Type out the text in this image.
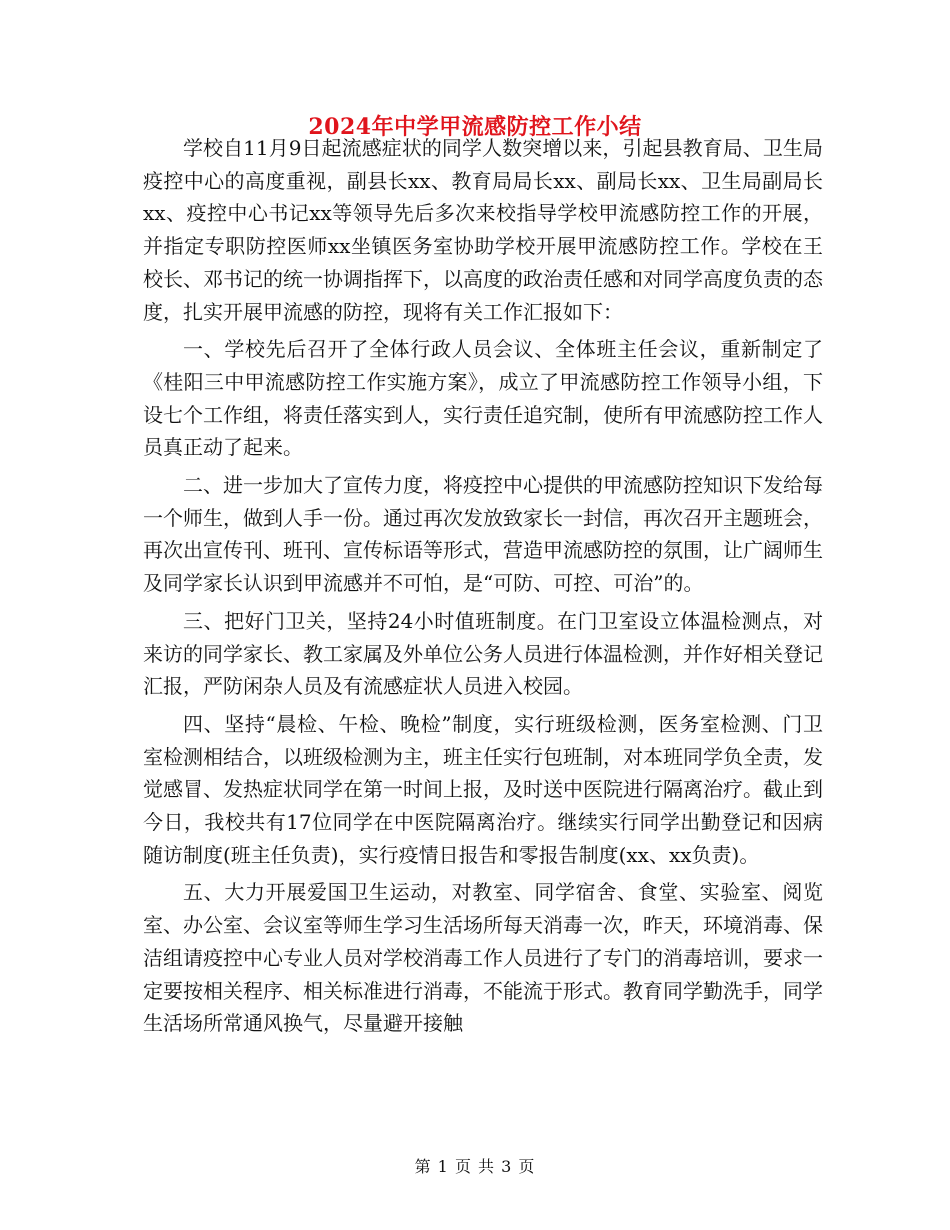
2024年中学甲流感防控工作小结

学校自11月9日起流感症状的同学人数突增以来，引起县教育局、卫生局疫控中心的高度重视，副县长xx、教育局局长xx、副局长xx、卫生局副局长xx、疫控中心书记xx等领导先后多次来校指导学校甲流感防控工作的开展，并指定专职防控医师xx坐镇医务室协助学校开展甲流感防控工作。学校在王校长、邓书记的统一协调指挥下，以高度的政治责任感和对同学高度负责的态度，扎实开展甲流感的防控，现将有关工作汇报如下：

一、学校先后召开了全体行政人员会议、全体班主任会议，重新制定了《桂阳三中甲流感防控工作实施方案》，成立了甲流感防控工作领导小组，下设七个工作组，将责任落实到人，实行责任追究制，使所有甲流感防控工作人员真正动了起来。

二、进一步加大了宣传力度，将疫控中心提供的甲流感防控知识下发给每一个师生，做到人手一份。通过再次发放致家长一封信，再次召开主题班会，再次出宣传刊、班刊、宣传标语等形式，营造甲流感防控的氛围，让广阔师生及同学家长认识到甲流感并不可怕，是“可防、可控、可治”的。

三、把好门卫关，坚持24小时值班制度。在门卫室设立体温检测点，对来访的同学家长、教工家属及外单位公务人员进行体温检测，并作好相关登记汇报，严防闲杂人员及有流感症状人员进入校园。

四、坚持“晨检、午检、晚检”制度，实行班级检测，医务室检测、门卫室检测相结合，以班级检测为主，班主任实行包班制，对本班同学负全责，发觉感冒、发热症状同学在第一时间上报，及时送中医院进行隔离治疗。截止到今日，我校共有17位同学在中医院隔离治疗。继续实行同学出勤登记和因病随访制度(班主任负责)，实行疫情日报告和零报告制度(xx、xx负责)。

五、大力开展爱国卫生运动，对教室、同学宿舍、食堂、实验室、阅览室、办公室、会议室等师生学习生活场所每天消毒一次，昨天，环境消毒、保洁组请疫控中心专业人员对学校消毒工作人员进行了专门的消毒培训，要求一定要按相关程序、相关标准进行消毒，不能流于形式。教育同学勤洗手，同学生活场所常通风换气，尽量避开接触

第 1 页 共 3 页
